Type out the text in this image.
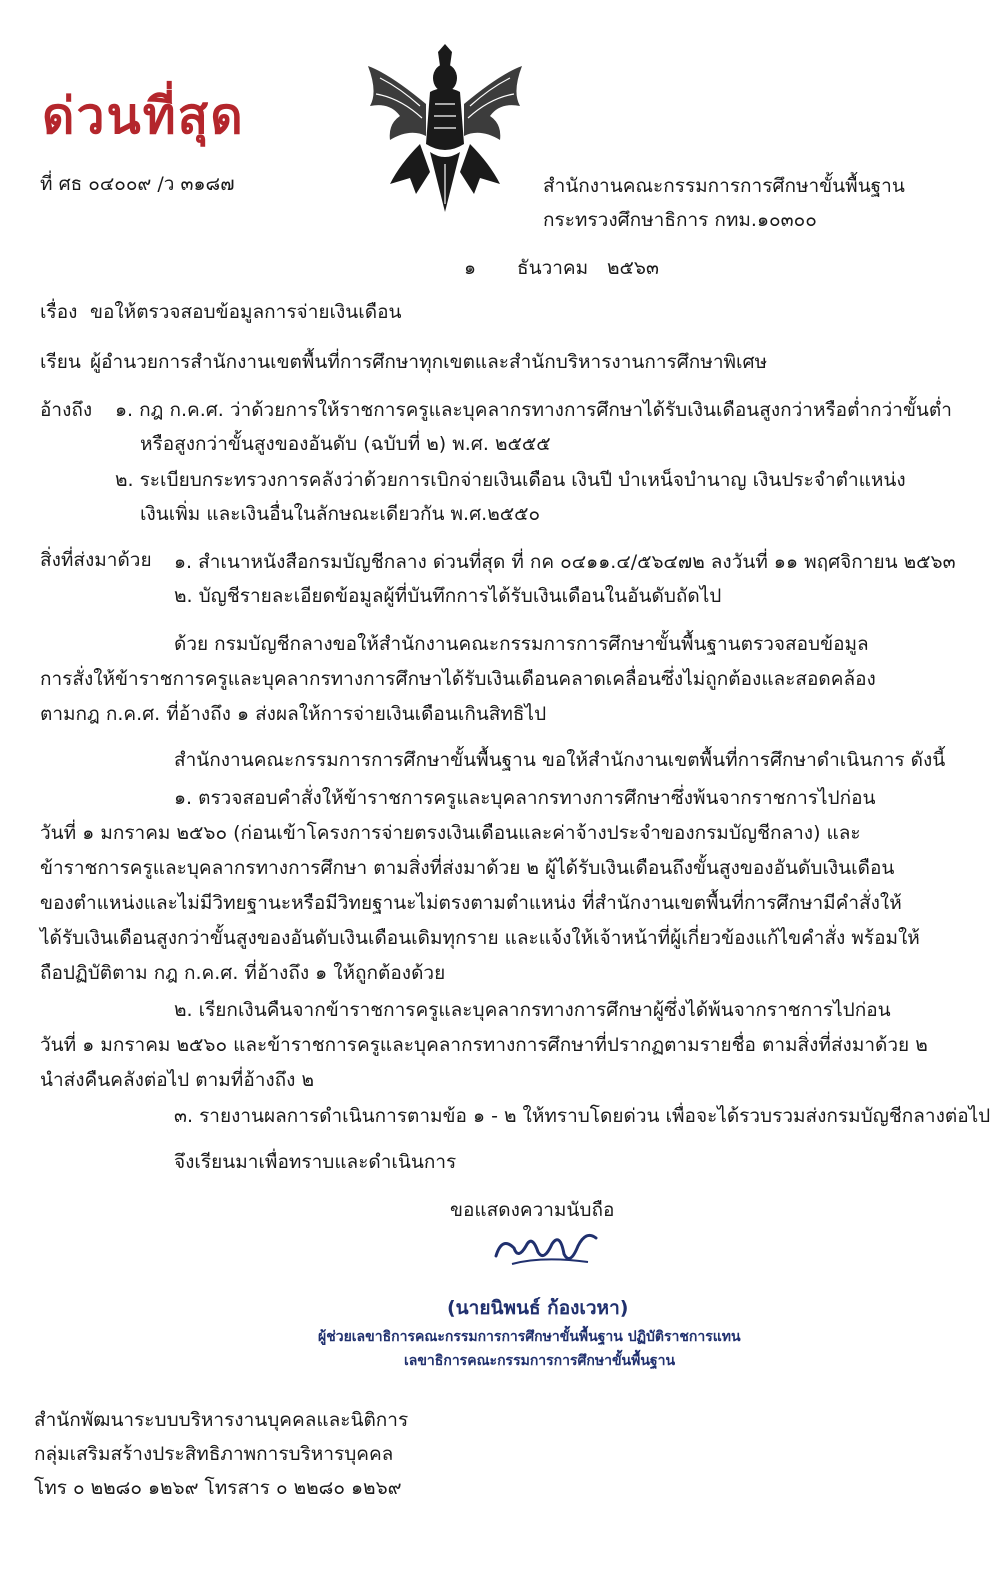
ด่วนที่สุด
ที่ ศธ ๐๔๐๐๙ /ว ๓๑๘๗	สำนักงานคณะกรรมการการศึกษาขั้นพื้นฐาน
กระทรวงศึกษาธิการ กทม.๑๐๓๐๐
๑ ธันวาคม ๒๕๖๓
เรื่อง ขอให้ตรวจสอบข้อมูลการจ่ายเงินเดือน
เรียน ผู้อำนวยการสำนักงานเขตพื้นที่การศึกษาทุกเขตและสำนักบริหารงานการศึกษาพิเศษ
อ้างถึง ๑. กฎ ก.ค.ศ. ว่าด้วยการให้ราชการครูและบุคลากรทางการศึกษาได้รับเงินเดือนสูงกว่าหรือต่ำกว่าขั้นต่ำ
หรือสูงกว่าขั้นสูงของอันดับ (ฉบับที่ ๒) พ.ศ. ๒๕๕๕
๒. ระเบียบกระทรวงการคลังว่าด้วยการเบิกจ่ายเงินเดือน เงินปี บำเหน็จบำนาญ เงินประจำตำแหน่ง
เงินเพิ่ม และเงินอื่นในลักษณะเดียวกัน พ.ศ.๒๕๕๐
สิ่งที่ส่งมาด้วย ๑. สำเนาหนังสือกรมบัญชีกลาง ด่วนที่สุด ที่ กค ๐๔๑๑.๔/๕๖๔๗๒ ลงวันที่ ๑๑ พฤศจิกายน ๒๕๖๓
๒. บัญชีรายละเอียดข้อมูลผู้ที่บันทึกการได้รับเงินเดือนในอันดับถัดไป
ด้วย กรมบัญชีกลางขอให้สำนักงานคณะกรรมการการศึกษาขั้นพื้นฐานตรวจสอบข้อมูล
การสั่งให้ข้าราชการครูและบุคลากรทางการศึกษาได้รับเงินเดือนคลาดเคลื่อนซึ่งไม่ถูกต้องและสอดคล้อง
ตามกฎ ก.ค.ศ. ที่อ้างถึง ๑ ส่งผลให้การจ่ายเงินเดือนเกินสิทธิไป
สำนักงานคณะกรรมการการศึกษาขั้นพื้นฐาน ขอให้สำนักงานเขตพื้นที่การศึกษาดำเนินการ ดังนี้
๑. ตรวจสอบคำสั่งให้ข้าราชการครูและบุคลากรทางการศึกษาซึ่งพ้นจากราชการไปก่อน
วันที่ ๑ มกราคม ๒๕๖๐ (ก่อนเข้าโครงการจ่ายตรงเงินเดือนและค่าจ้างประจำของกรมบัญชีกลาง) และ
ข้าราชการครูและบุคลากรทางการศึกษา ตามสิ่งที่ส่งมาด้วย ๒ ผู้ได้รับเงินเดือนถึงขั้นสูงของอันดับเงินเดือน
ของตำแหน่งและไม่มีวิทยฐานะหรือมีวิทยฐานะไม่ตรงตามตำแหน่ง ที่สำนักงานเขตพื้นที่การศึกษามีคำสั่งให้
ได้รับเงินเดือนสูงกว่าขั้นสูงของอันดับเงินเดือนเดิมทุกราย และแจ้งให้เจ้าหน้าที่ผู้เกี่ยวข้องแก้ไขคำสั่ง พร้อมให้
ถือปฏิบัติตาม กฎ ก.ค.ศ. ที่อ้างถึง ๑ ให้ถูกต้องด้วย
๒. เรียกเงินคืนจากข้าราชการครูและบุคลากรทางการศึกษาผู้ซึ่งได้พ้นจากราชการไปก่อน
วันที่ ๑ มกราคม ๒๕๖๐ และข้าราชการครูและบุคลากรทางการศึกษาที่ปรากฏตามรายชื่อ ตามสิ่งที่ส่งมาด้วย ๒
นำส่งคืนคลังต่อไป ตามที่อ้างถึง ๒
๓. รายงานผลการดำเนินการตามข้อ ๑ - ๒ ให้ทราบโดยด่วน เพื่อจะได้รวบรวมส่งกรมบัญชีกลางต่อไป
จึงเรียนมาเพื่อทราบและดำเนินการ
ขอแสดงความนับถือ
(นายนิพนธ์ ก้องเวหา)
ผู้ช่วยเลขาธิการคณะกรรมการการศึกษาขั้นพื้นฐาน ปฏิบัติราชการแทน
เลขาธิการคณะกรรมการการศึกษาขั้นพื้นฐาน
สำนักพัฒนาระบบบริหารงานบุคคลและนิติการ
กลุ่มเสริมสร้างประสิทธิภาพการบริหารบุคคล
โทร ๐ ๒๒๘๐ ๑๒๖๙ โทรสาร ๐ ๒๒๘๐ ๑๒๖๙
